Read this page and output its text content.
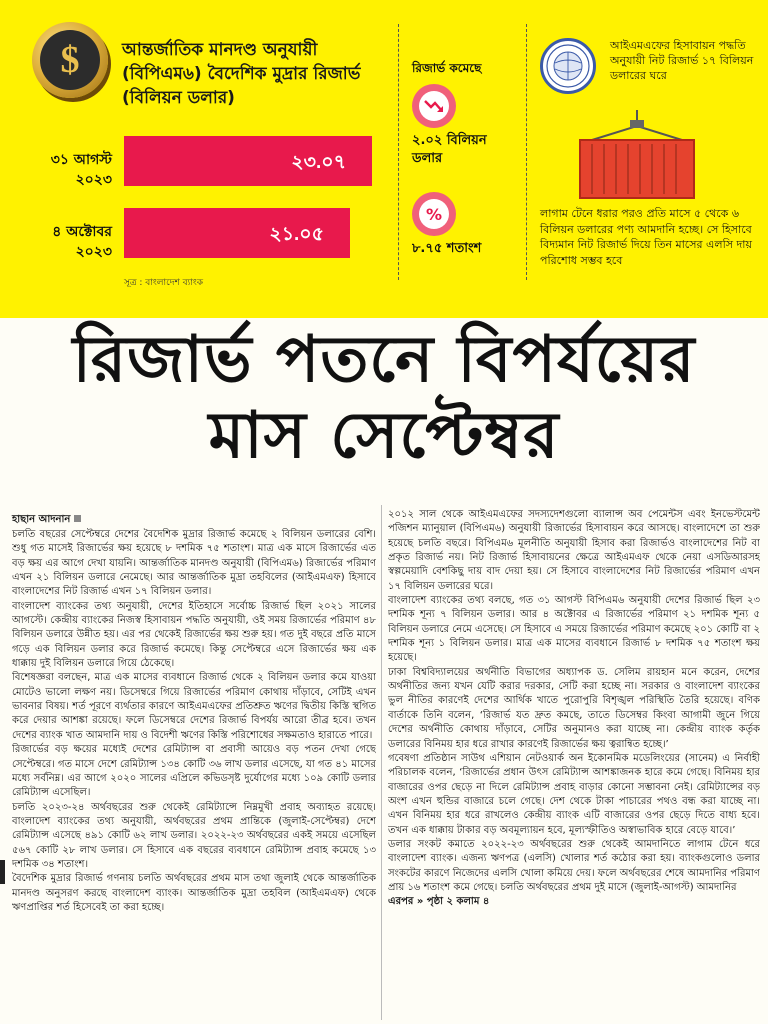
$	আন্তর্জাতিক মানদণ্ড অনুযায়ী (বিপিএম৬) বৈদেশিক মুদ্রার রিজার্ভ (বিলিয়ন ডলার)
৩১ আগস্ট ২০২৩
২৩.০৭
৪ অক্টোবর ২০২৩
২১.০৫
সূত্র : বাংলাদেশ ব্যাংক
রিজার্ভ কমেছে
২.০২ বিলিয়ন ডলার
%
৮.৭৫ শতাংশ
আইএমএফের হিসাবায়ন পদ্ধতি অনুযায়ী নিট রিজার্ভ ১৭ বিলিয়ন ডলারের ঘরে
লাগাম টেনে ধরার পরও প্রতি মাসে ৫ থেকে ৬ বিলিয়ন ডলারের পণ্য আমদানি হচ্ছে। সে হিসাবে বিদ্যমান নিট রিজার্ভ দিয়ে তিন মাসের এলসি দায় পরিশোধ সম্ভব হবে
রিজার্ভ পতনে বিপর্যয়ের
মাস সেপ্টেম্বর
হাছান আদনান

চলতি বছরের সেপ্টেম্বরে দেশের বৈদেশিক মুদ্রার রিজার্ভ কমেছে ২ বিলিয়ন ডলারের বেশি। শুধু গত মাসেই রিজার্ভের ক্ষয় হয়েছে ৮ দশমিক ৭৫ শতাংশ। মাত্র এক মাসে রিজার্ভের এত বড় ক্ষয় এর আগে দেখা যায়নি। আন্তর্জাতিক মানদণ্ড অনুযায়ী (বিপিএম৬) রিজার্ভের পরিমাণ এখন ২১ বিলিয়ন ডলারে নেমেছে। আর আন্তর্জাতিক মুদ্রা তহবিলের (আইএমএফ) হিসাবে বাংলাদেশের নিট রিজার্ভ এখন ১৭ বিলিয়ন ডলার।

বাংলাদেশ ব্যাংকের তথ্য অনুযায়ী, দেশের ইতিহাসে সর্বোচ্চ রিজার্ভ ছিল ২০২১ সালের আগস্টে। কেন্দ্রীয় ব্যাংকের নিজস্ব হিসাবায়ন পদ্ধতি অনুযায়ী, ওই সময় রিজার্ভের পরিমাণ ৪৮ বিলিয়ন ডলারে উন্নীত হয়। এর পর থেকেই রিজার্ভের ক্ষয় শুরু হয়। গত দুই বছরে প্রতি মাসে গড়ে এক বিলিয়ন ডলার করে রিজার্ভ কমেছে। কিন্তু সেপ্টেম্বরে এসে রিজার্ভের ক্ষয় এক ধাক্কায় দুই বিলিয়ন ডলারে গিয়ে ঠেকেছে।

বিশেষজ্ঞরা বলছেন, মাত্র এক মাসের ব্যবধানে রিজার্ভ থেকে ২ বিলিয়ন ডলার কমে যাওয়া মোটেও ভালো লক্ষণ নয়। ডিসেম্বরে গিয়ে রিজার্ভের পরিমাণ কোথায় দাঁড়াবে, সেটিই এখন ভাবনার বিষয়। শর্ত পূরণে ব্যর্থতার কারণে আইএমএফের প্রতিশ্রুত ঋণের দ্বিতীয় কিস্তি স্থগিত করে দেয়ার আশঙ্কা রয়েছে। ফলে ডিসেম্বরে দেশের রিজার্ভ বিপর্যয় আরো তীব্র হবে। তখন দেশের ব্যাংক খাত আমদানি দায় ও বিদেশী ঋণের কিস্তি পরিশোধের সক্ষমতাও হারাতে পারে।

রিজার্ভের বড় ক্ষয়ের মধ্যেই দেশের রেমিট্যান্স বা প্রবাসী আয়েও বড় পতন দেখা গেছে সেপ্টেম্বরে। গত মাসে দেশে রেমিট্যান্স ১৩৪ কোটি ৩৬ লাখ ডলার এসেছে, যা গত ৪১ মাসের মধ্যে সর্বনিম্ন। এর আগে ২০২০ সালের এপ্রিলে কভিডসৃষ্ট দুর্যোগের মধ্যে ১০৯ কোটি ডলার রেমিট্যান্স এসেছিল।

চলতি ২০২৩-২৪ অর্থবছরের শুরু থেকেই রেমিট্যান্সে নিম্নমুখী প্রবাহ অব্যাহত রয়েছে। বাংলাদেশ ব্যাংকের তথ্য অনুযায়ী, অর্থবছরের প্রথম প্রান্তিকে (জুলাই-সেপ্টেম্বর) দেশে রেমিট্যান্স এসেছে ৪৯১ কোটি ৬২ লাখ ডলার। ২০২২-২৩ অর্থবছরের একই সময়ে এসেছিল ৫৬৭ কোটি ২৮ লাখ ডলার। সে হিসাবে এক বছরের ব্যবধানে রেমিট্যান্স প্রবাহ কমেছে ১৩ দশমিক ৩৪ শতাংশ।

বৈদেশিক মুদ্রার রিজার্ভ গণনায় চলতি অর্থবছরের প্রথম মাস তথা জুলাই থেকে আন্তর্জাতিক মানদণ্ড অনুসরণ করছে বাংলাদেশ ব্যাংক। আন্তর্জাতিক মুদ্রা তহবিল (আইএমএফ) থেকে ঋণপ্রাপ্তির শর্ত হিসেবেই তা করা হচ্ছে।

২০১২ সাল থেকে আইএমএফের সদস্যদেশগুলো ব্যালান্স অব পেমেন্টস এবং ইনভেস্টমেন্ট পজিশন ম্যানুয়াল (বিপিএম৬) অনুযায়ী রিজার্ভের হিসাবায়ন করে আসছে। বাংলাদেশে তা শুরু হয়েছে চলতি বছরে। বিপিএম৬ মূলনীতি অনুযায়ী হিসাব করা রিজার্ভও বাংলাদেশের নিট বা প্রকৃত রিজার্ভ নয়। নিট রিজার্ভ হিসাবায়নের ক্ষেত্রে আইএমএফ থেকে নেয়া এসডিআরসহ স্বল্পমেয়াদি বেশকিছু দায় বাদ দেয়া হয়। সে হিসাবে বাংলাদেশের নিট রিজার্ভের পরিমাণ এখন ১৭ বিলিয়ন ডলারের ঘরে।

বাংলাদেশ ব্যাংকের তথ্য বলছে, গত ৩১ আগস্ট বিপিএম৬ অনুযায়ী দেশের রিজার্ভ ছিল ২৩ দশমিক শূন্য ৭ বিলিয়ন ডলার। আর ৪ অক্টোবর এ রিজার্ভের পরিমাণ ২১ দশমিক শূন্য ৫ বিলিয়ন ডলারে নেমে এসেছে। সে হিসাবে এ সময়ে রিজার্ভের পরিমাণ কমেছে ২০১ কোটি বা ২ দশমিক শূন্য ১ বিলিয়ন ডলার। মাত্র এক মাসের ব্যবধানে রিজার্ভ ৮ দশমিক ৭৫ শতাংশ ক্ষয় হয়েছে।

ঢাকা বিশ্ববিদ্যালয়ের অর্থনীতি বিভাগের অধ্যাপক ড. সেলিম রায়হান মনে করেন, দেশের অর্থনীতির জন্য যখন যেটি করার দরকার, সেটি করা হচ্ছে না। সরকার ও বাংলাদেশ ব্যাংকের ভুল নীতির কারণেই দেশের আর্থিক খাতে পুরোপুরি বিশৃঙ্খল পরিস্থিতি তৈরি হয়েছে। বণিক বার্তাকে তিনি বলেন, ‘রিজার্ভ যত দ্রুত কমছে, তাতে ডিসেম্বর কিংবা আগামী জুনে গিয়ে দেশের অর্থনীতি কোথায় দাঁড়াবে, সেটির অনুমানও করা যাচ্ছে না। কেন্দ্রীয় ব্যাংক কর্তৃক ডলারের বিনিময় হার ধরে রাখার কারণেই রিজার্ভের ক্ষয় ত্বরান্বিত হচ্ছে।’

গবেষণা প্রতিষ্ঠান সাউথ এশিয়ান নেটওয়ার্ক অন ইকোনমিক মডেলিংয়ের (সানেম) এ নির্বাহী পরিচালক বলেন, ‘রিজার্ভের প্রধান উৎস রেমিট্যান্স আশঙ্কাজনক হারে কমে গেছে। বিনিময় হার বাজারের ওপর ছেড়ে না দিলে রেমিট্যান্স প্রবাহ বাড়ার কোনো সম্ভাবনা নেই। রেমিট্যান্সের বড় অংশ এখন হুন্ডির বাজারে চলে গেছে। দেশ থেকে টাকা পাচারের পথও বন্ধ করা যাচ্ছে না। এখন বিনিময় হার ধরে রাখলেও কেন্দ্রীয় ব্যাংক এটি বাজারের ওপর ছেড়ে দিতে বাধ্য হবে। তখন এক ধাক্কায় টাকার বড় অবমূল্যায়ন হবে, মূল্যস্ফীতিও অস্বাভাবিক হারে বেড়ে যাবে।’

ডলার সংকট কমাতে ২০২২-২৩ অর্থবছরের শুরু থেকেই আমদানিতে লাগাম টেনে ধরে বাংলাদেশ ব্যাংক। এজন্য ঋণপত্র (এলসি) খোলার শর্ত কঠোর করা হয়। ব্যাংকগুলোও ডলার সংকটের কারণে নিজেদের এলসি খোলা কমিয়ে দেয়। ফলে অর্থবছরের শেষে আমদানির পরিমাণ প্রায় ১৬ শতাংশ কমে গেছে। চলতি অর্থবছরের প্রথম দুই মাসে (জুলাই-আগস্ট) আমদানির

এরপর » পৃষ্ঠা ২ কলাম ৪
